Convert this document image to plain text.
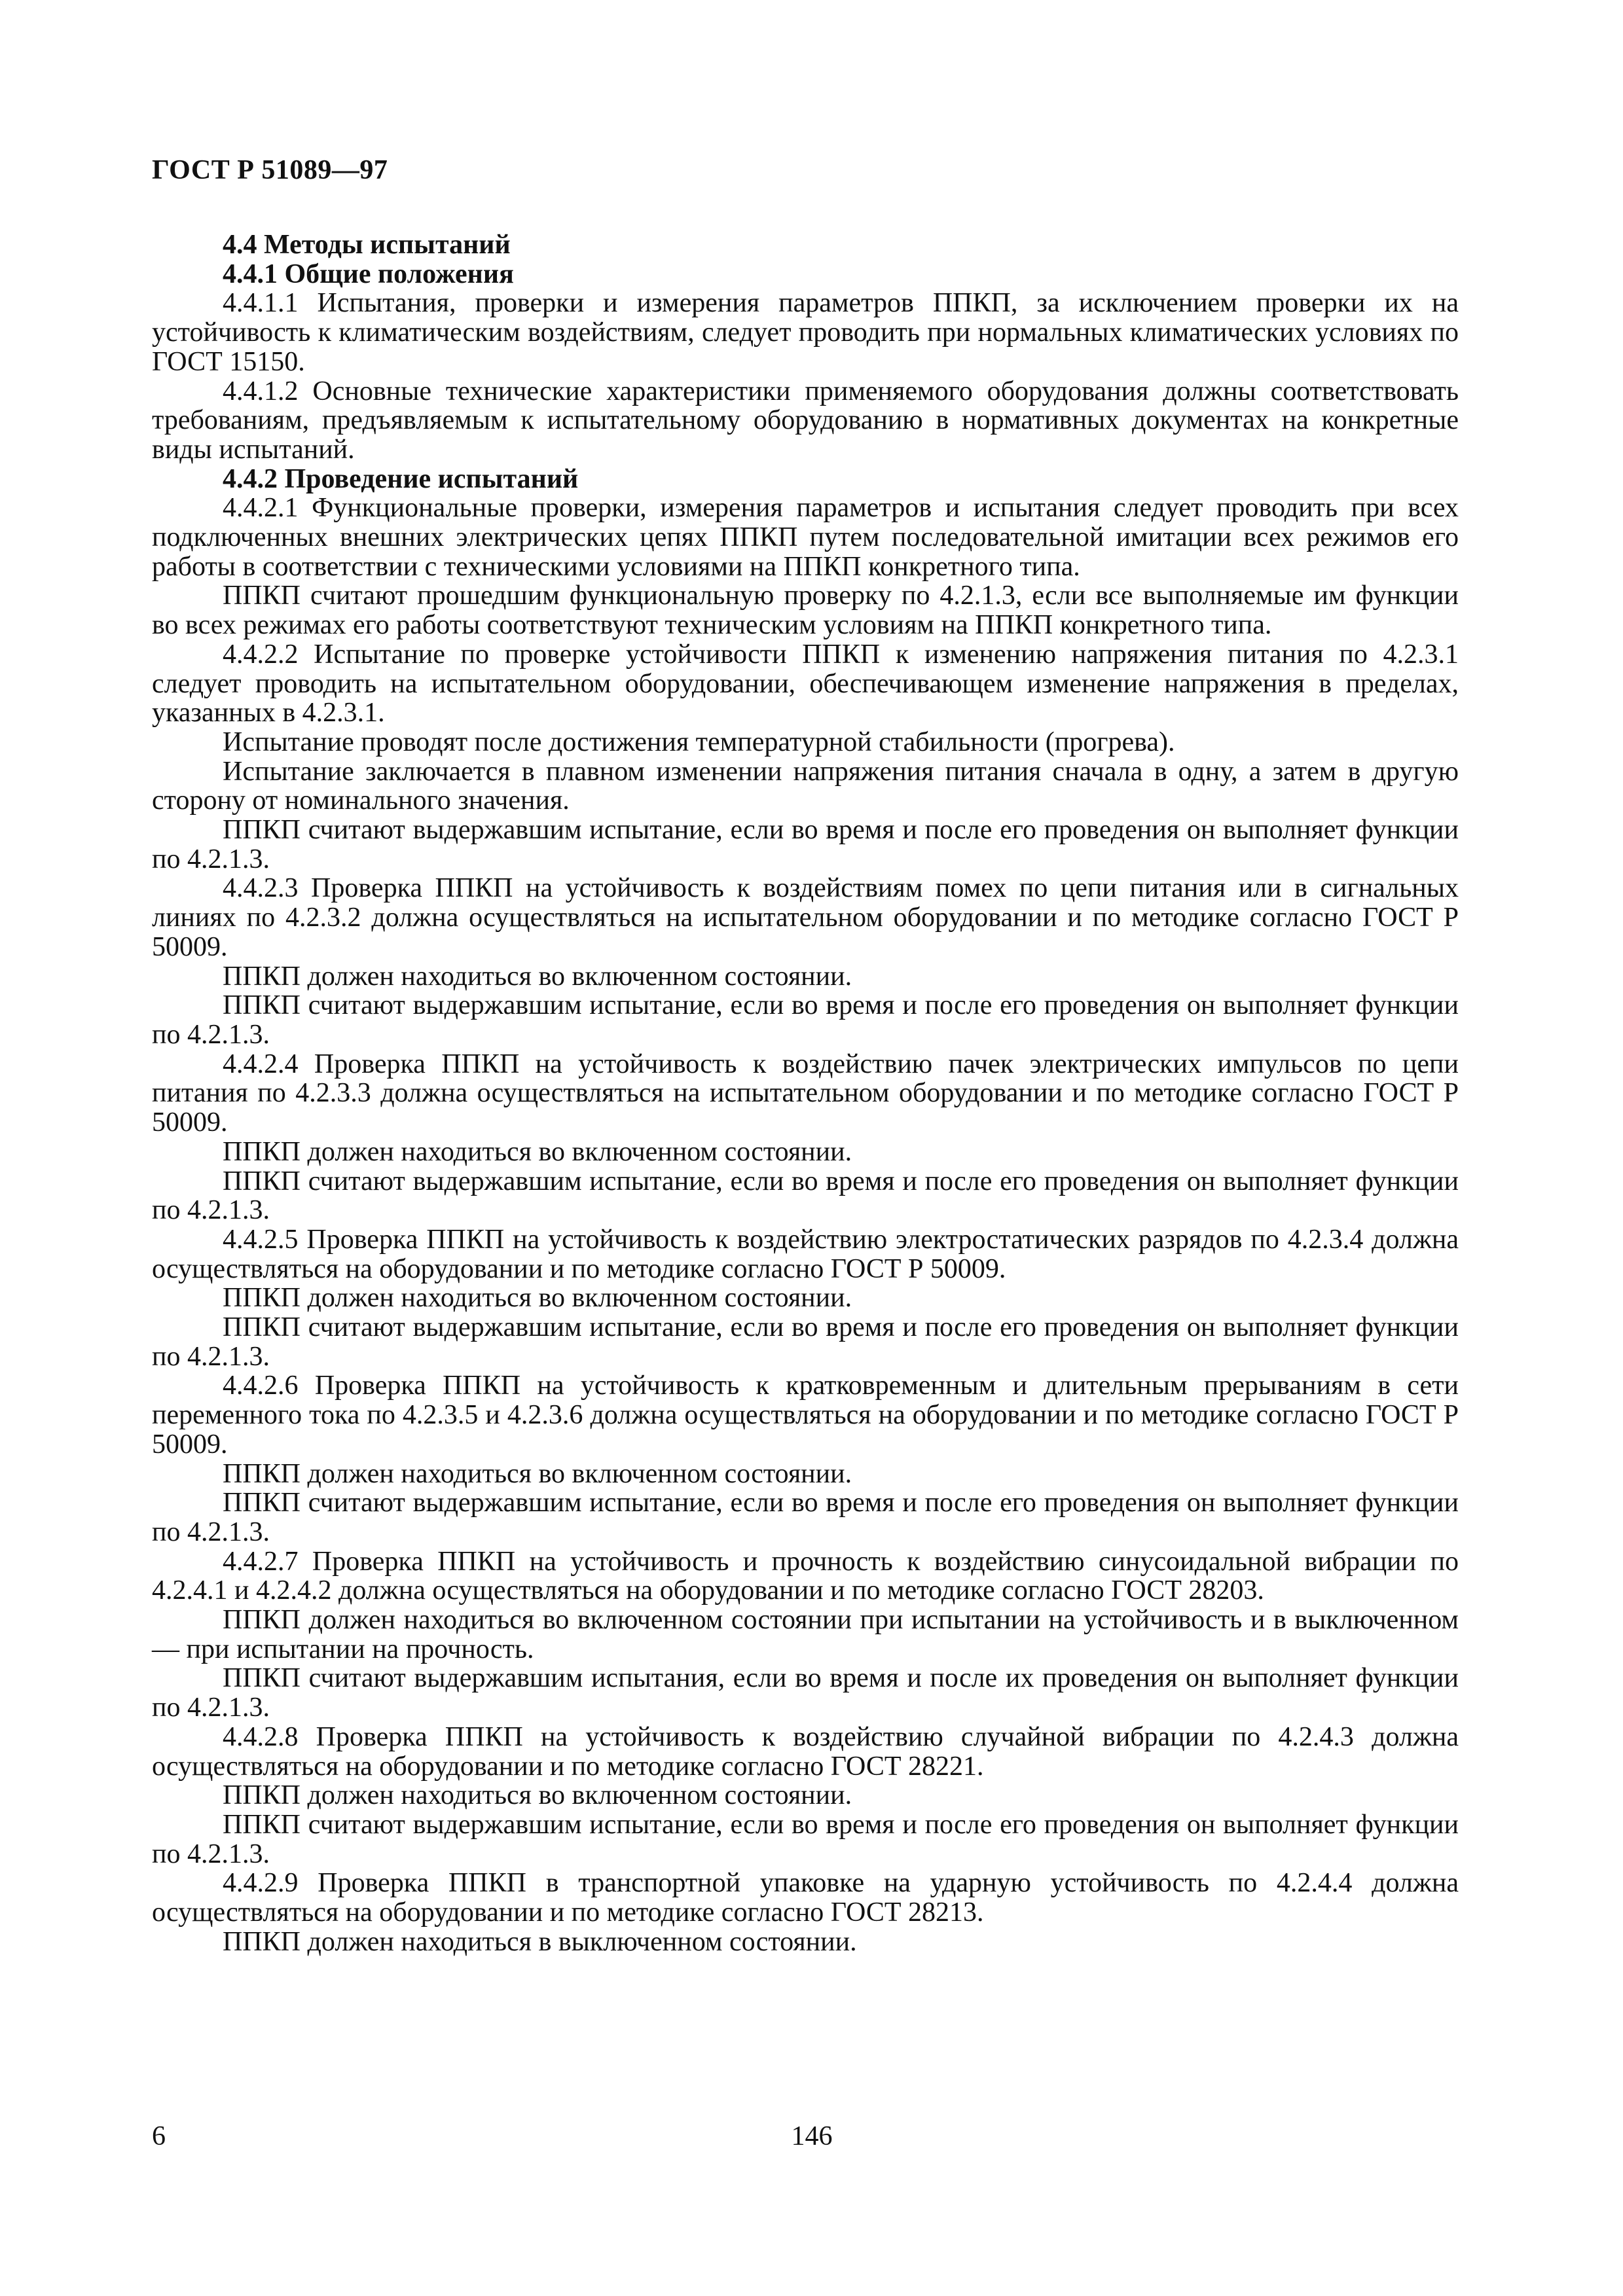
ГОСТ Р 51089—97

4.4 Методы испытаний

4.4.1 Общие положения

4.4.1.1 Испытания, проверки и измерения параметров ППКП, за исключением проверки их на устойчивость к климатическим воздействиям, следует проводить при нормальных климатических условиях по ГОСТ 15150.

4.4.1.2 Основные технические характеристики применяемого оборудования должны соответствовать требованиям, предъявляемым к испытательному оборудованию в нормативных документах на конкретные виды испытаний.

4.4.2 Проведение испытаний

4.4.2.1 Функциональные проверки, измерения параметров и испытания следует проводить при всех подключенных внешних электрических цепях ППКП путем последовательной имитации всех режимов его работы в соответствии с техническими условиями на ППКП конкретного типа.

ППКП считают прошедшим функциональную проверку по 4.2.1.3, если все выполняемые им функции во всех режимах его работы соответствуют техническим условиям на ППКП конкретного типа.

4.4.2.2 Испытание по проверке устойчивости ППКП к изменению напряжения питания по 4.2.3.1 следует проводить на испытательном оборудовании, обеспечивающем изменение напряжения в пределах, указанных в 4.2.3.1.

Испытание проводят после достижения температурной стабильности (прогрева).

Испытание заключается в плавном изменении напряжения питания сначала в одну, а затем в другую сторону от номинального значения.

ППКП считают выдержавшим испытание, если во время и после его проведения он выполняет функции по 4.2.1.3.

4.4.2.3 Проверка ППКП на устойчивость к воздействиям помех по цепи питания или в сигнальных линиях по 4.2.3.2 должна осуществляться на испытательном оборудовании и по методике согласно ГОСТ Р 50009.

ППКП должен находиться во включенном состоянии.

ППКП считают выдержавшим испытание, если во время и после его проведения он выполняет функции по 4.2.1.3.

4.4.2.4 Проверка ППКП на устойчивость к воздействию пачек электрических импульсов по цепи питания по 4.2.3.3 должна осуществляться на испытательном оборудовании и по методике согласно ГОСТ Р 50009.

ППКП должен находиться во включенном состоянии.

ППКП считают выдержавшим испытание, если во время и после его проведения он выполняет функции по 4.2.1.3.

4.4.2.5 Проверка ППКП на устойчивость к воздействию электростатических разрядов по 4.2.3.4 должна осуществляться на оборудовании и по методике согласно ГОСТ Р 50009.

ППКП должен находиться во включенном состоянии.

ППКП считают выдержавшим испытание, если во время и после его проведения он выполняет функции по 4.2.1.3.

4.4.2.6 Проверка ППКП на устойчивость к кратковременным и длительным прерываниям в сети переменного тока по 4.2.3.5 и 4.2.3.6 должна осуществляться на оборудовании и по методике согласно ГОСТ Р 50009.

ППКП должен находиться во включенном состоянии.

ППКП считают выдержавшим испытание, если во время и после его проведения он выполняет функции по 4.2.1.3.

4.4.2.7 Проверка ППКП на устойчивость и прочность к воздействию синусоидальной вибрации по 4.2.4.1 и 4.2.4.2 должна осуществляться на оборудовании и по методике согласно ГОСТ 28203.

ППКП должен находиться во включенном состоянии при испытании на устойчивость и в выключенном — при испытании на прочность.

ППКП считают выдержавшим испытания, если во время и после их проведения он выполняет функции по 4.2.1.3.

4.4.2.8 Проверка ППКП на устойчивость к воздействию случайной вибрации по 4.2.4.3 должна осуществляться на оборудовании и по методике согласно ГОСТ 28221.

ППКП должен находиться во включенном состоянии.

ППКП считают выдержавшим испытание, если во время и после его проведения он выполняет функции по 4.2.1.3.

4.4.2.9 Проверка ППКП в транспортной упаковке на ударную устойчивость по 4.2.4.4 должна осуществляться на оборудовании и по методике согласно ГОСТ 28213.

ППКП должен находиться в выключенном состоянии.

6	146
